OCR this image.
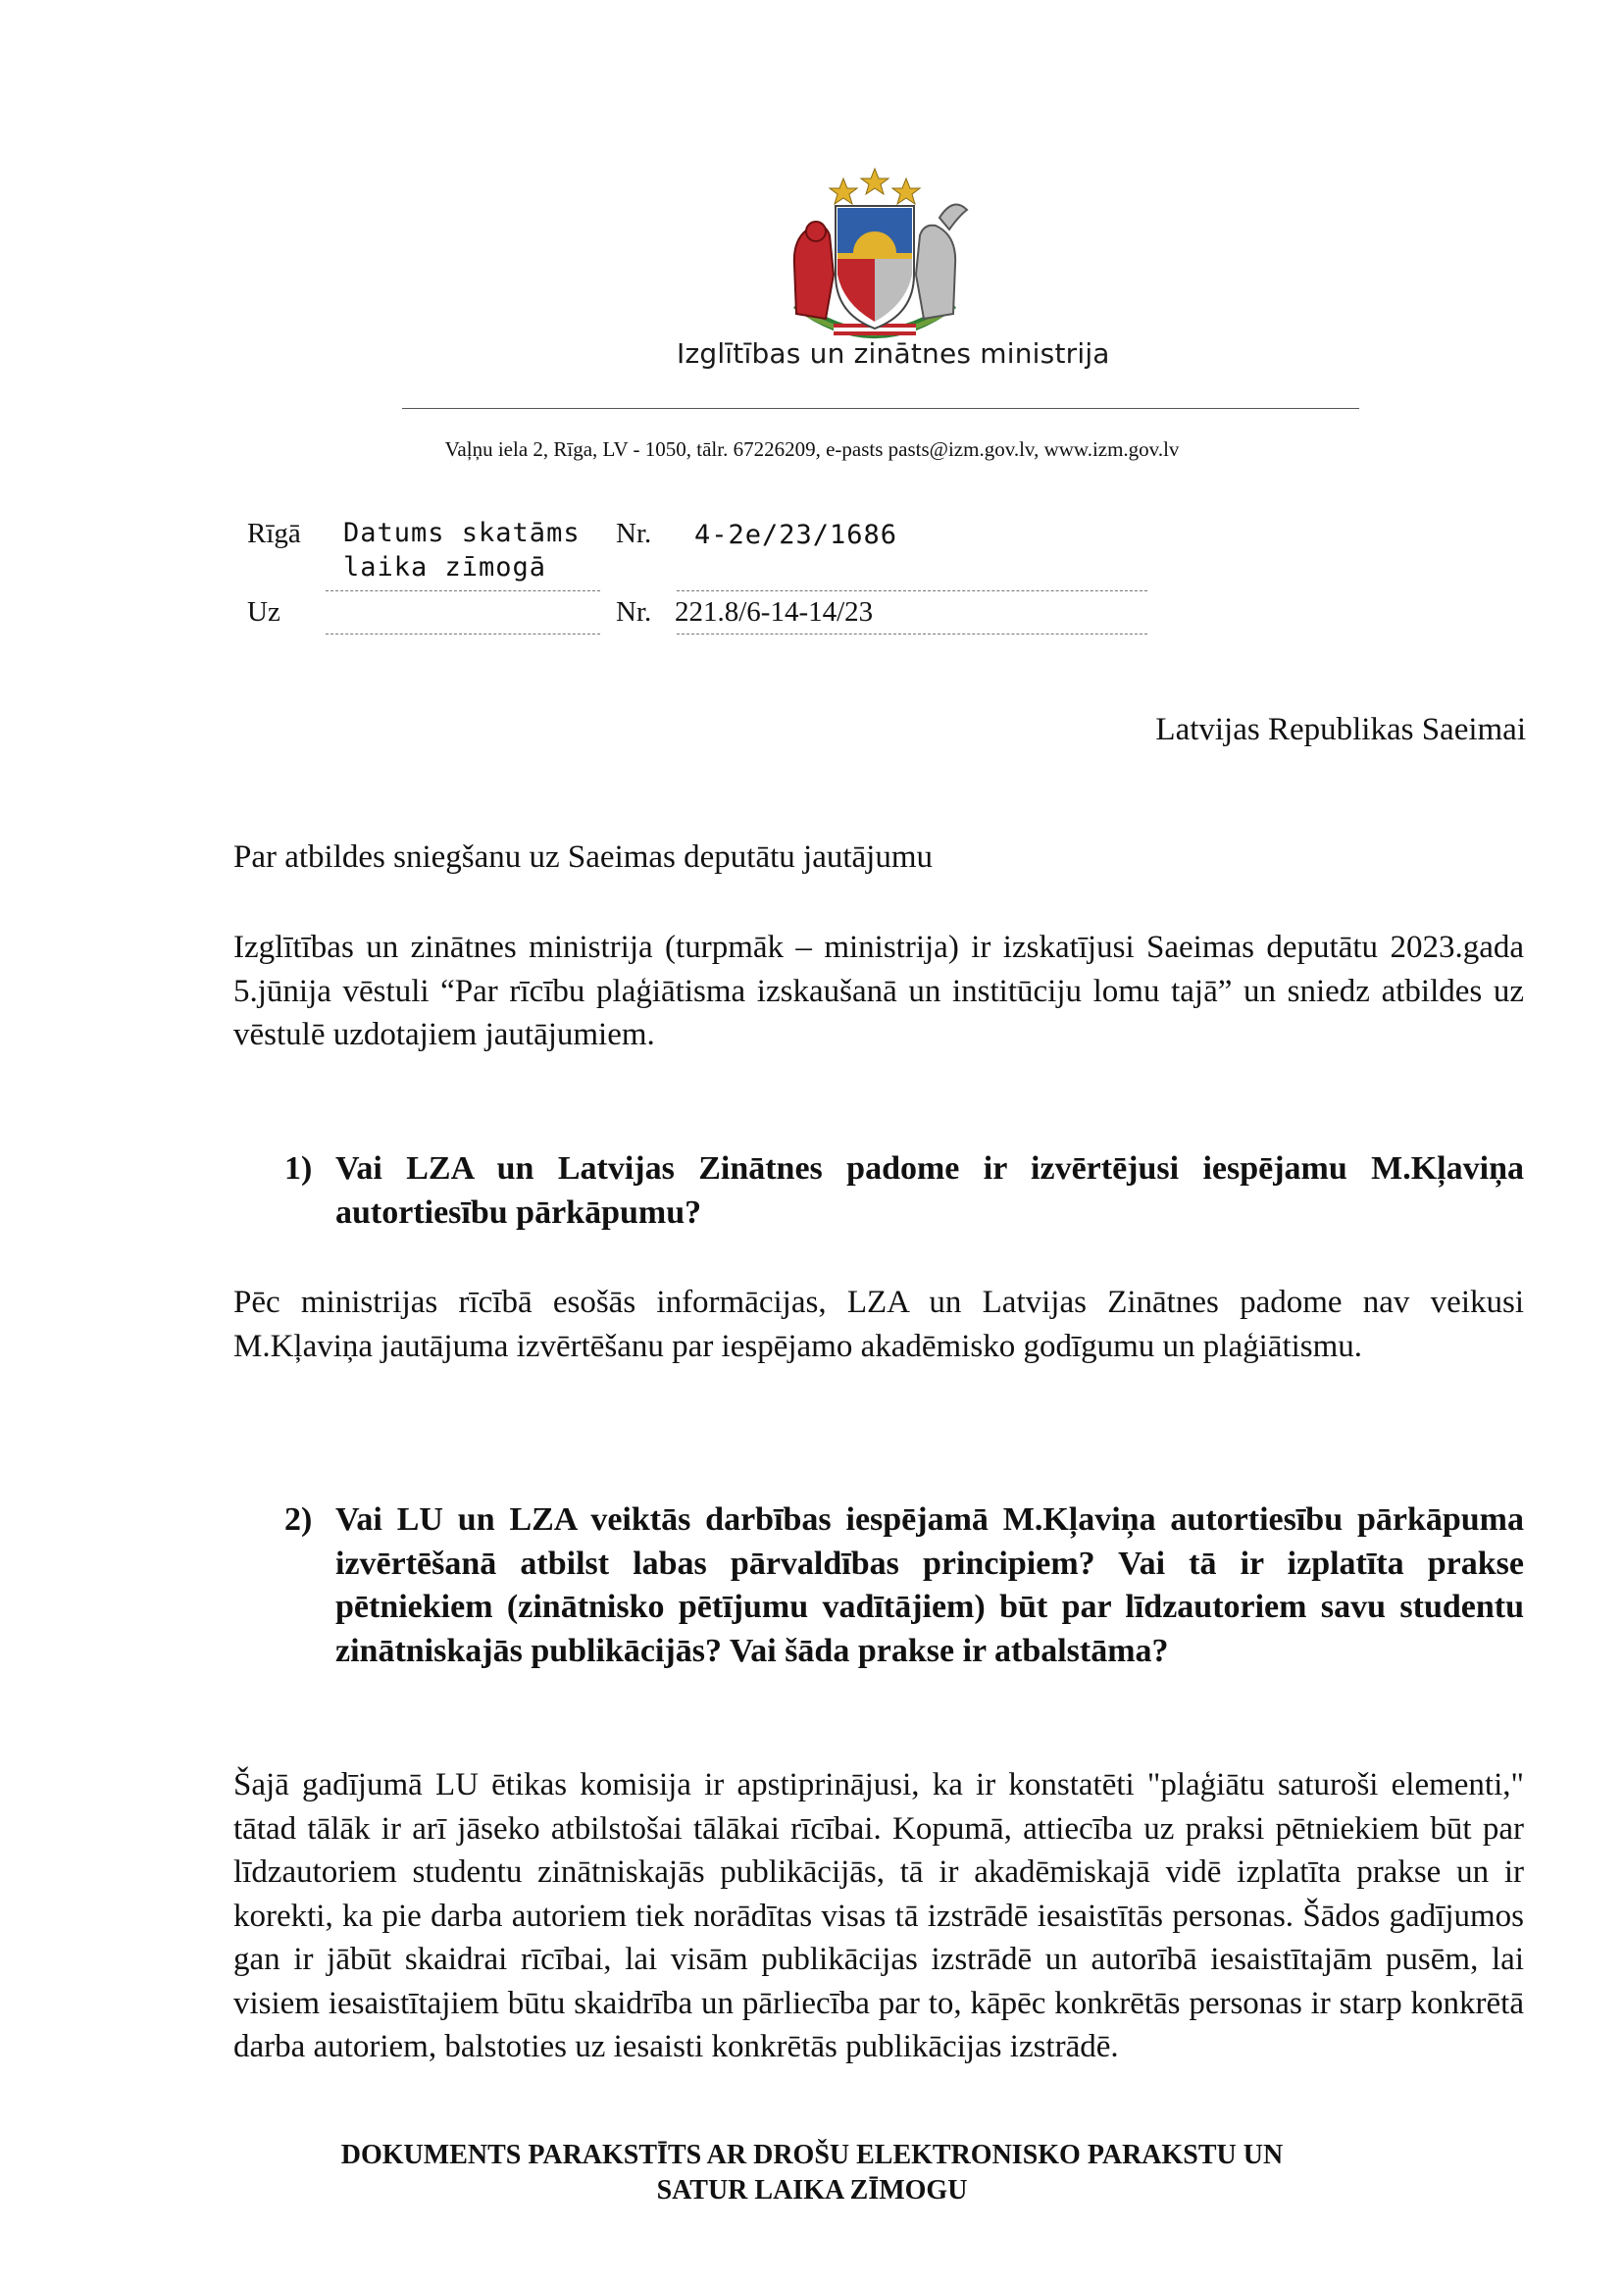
Izglītības un zinātnes ministrija
Vaļņu iela 2, Rīga, LV - 1050, tālr. 67226209, e-pasts pasts@izm.gov.lv, www.izm.gov.lv
Rīgā Datums skatāms
laika zīmogā
Nr. 4-2e/23/1686
Uz	Nr. 221.8/6-14-14/23
Latvijas Republikas Saeimai
Par atbildes sniegšanu uz Saeimas deputātu jautājumu
Izglītības un zinātnes ministrija (turpmāk – ministrija) ir izskatījusi Saeimas deputātu 2023.gada 5.jūnija vēstuli “Par rīcību plaģiātisma izskaušanā un institūciju lomu tajā” un sniedz atbildes uz vēstulē uzdotajiem jautājumiem.
1) Vai LZA un Latvijas Zinātnes padome ir izvērtējusi iespējamu M.Kļaviņa autortiesību pārkāpumu?
Pēc ministrijas rīcībā esošās informācijas, LZA un Latvijas Zinātnes padome nav veikusi M.Kļaviņa jautājuma izvērtēšanu par iespējamo akadēmisko godīgumu un plaģiātismu.
2) Vai LU un LZA veiktās darbības iespējamā M.Kļaviņa autortiesību pārkāpuma izvērtēšanā atbilst labas pārvaldības principiem? Vai tā ir izplatīta prakse pētniekiem (zinātnisko pētījumu vadītājiem) būt par līdzautoriem savu studentu zinātniskajās publikācijās? Vai šāda prakse ir atbalstāma?
Šajā gadījumā LU ētikas komisija ir apstiprinājusi, ka ir konstatēti "plaģiātu saturoši elementi," tātad tālāk ir arī jāseko atbilstošai tālākai rīcībai. Kopumā, attiecība uz praksi pētniekiem būt par līdzautoriem studentu zinātniskajās publikācijās, tā ir akadēmiskajā vidē izplatīta prakse un ir korekti, ka pie darba autoriem tiek norādītas visas tā izstrādē iesaistītās personas. Šādos gadījumos gan ir jābūt skaidrai rīcībai, lai visām publikācijas izstrādē un autorībā iesaistītajām pusēm, lai visiem iesaistītajiem būtu skaidrība un pārliecība par to, kāpēc konkrētās personas ir starp konkrētā darba autoriem, balstoties uz iesaisti konkrētās publikācijas izstrādē.
DOKUMENTS PARAKSTĪTS AR DROŠU ELEKTRONISKO PARAKSTU UN
SATUR LAIKA ZĪMOGU
